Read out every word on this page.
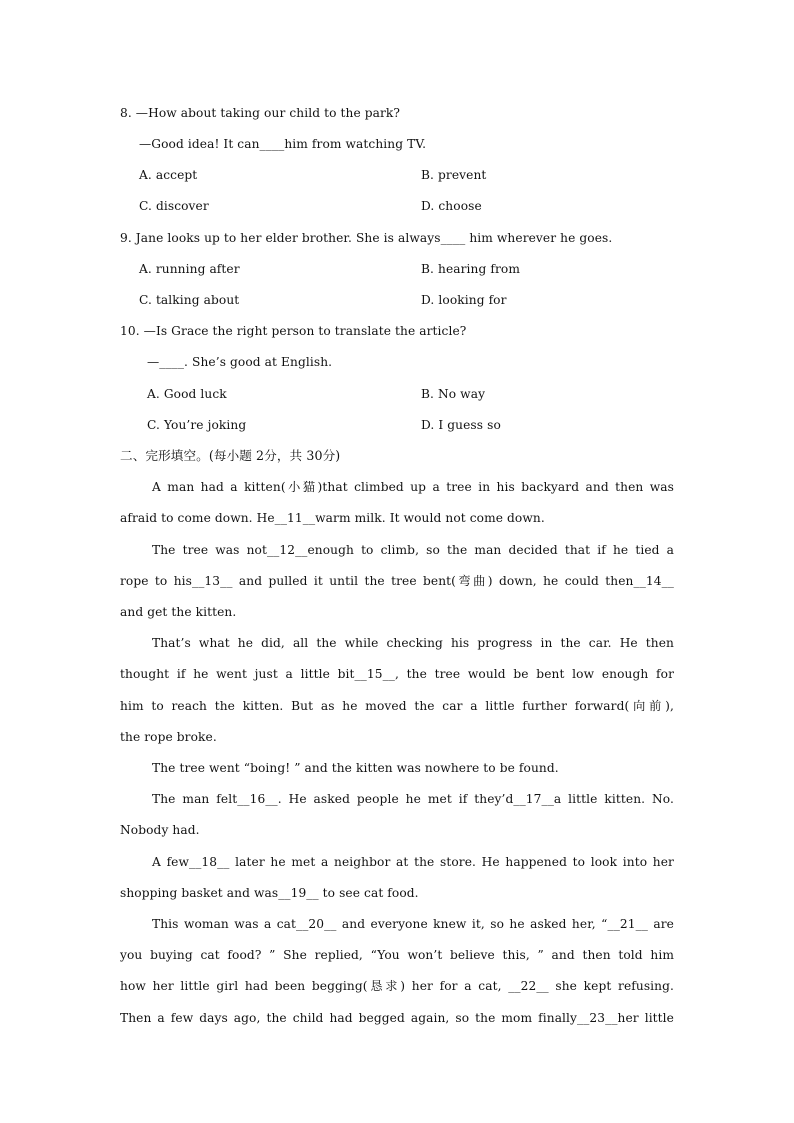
8. —How about taking our child to the park?
—Good idea! It can____him from watching TV.
A. accept	B. prevent
C. discover	D. choose
9. Jane looks up to her elder brother. She is always____ him wherever he goes.
A. running after	B. hearing from
C. talking about	D. looking for
10. —Is Grace the right person to translate the article?
—____. She’s good at English.
A. Good luck	B. No way
C. You’re joking	D. I guess so
二、完形填空。(每小题 2分，共 30分)
A man had a kitten(小猫)that climbed up a tree in his backyard and then was
afraid to come down. He__11__warm milk. It would not come down.
The tree was not__12__enough to climb, so the man decided that if he tied a
rope to his__13__ and pulled it until the tree bent(弯曲) down, he could then__14__
and get the kitten.
That’s what he did, all the while checking his progress in the car. He then
thought if he went just a little bit__15__, the tree would be bent low enough for
him to reach the kitten. But as he moved the car a little further forward(向前),
the rope broke.
The tree went “boing! ” and the kitten was nowhere to be found.
The man felt__16__. He asked people he met if they’d__17__a little kitten. No.
Nobody had.
A few__18__ later he met a neighbor at the store. He happened to look into her
shopping basket and was__19__ to see cat food.
This woman was a cat__20__ and everyone knew it, so he asked her, “__21__ are
you buying cat food? ” She replied, “You won’t believe this, ” and then told him
how her little girl had been begging(恳求) her for a cat, __22__ she kept refusing.
Then a few days ago, the child had begged again, so the mom finally__23__her little
